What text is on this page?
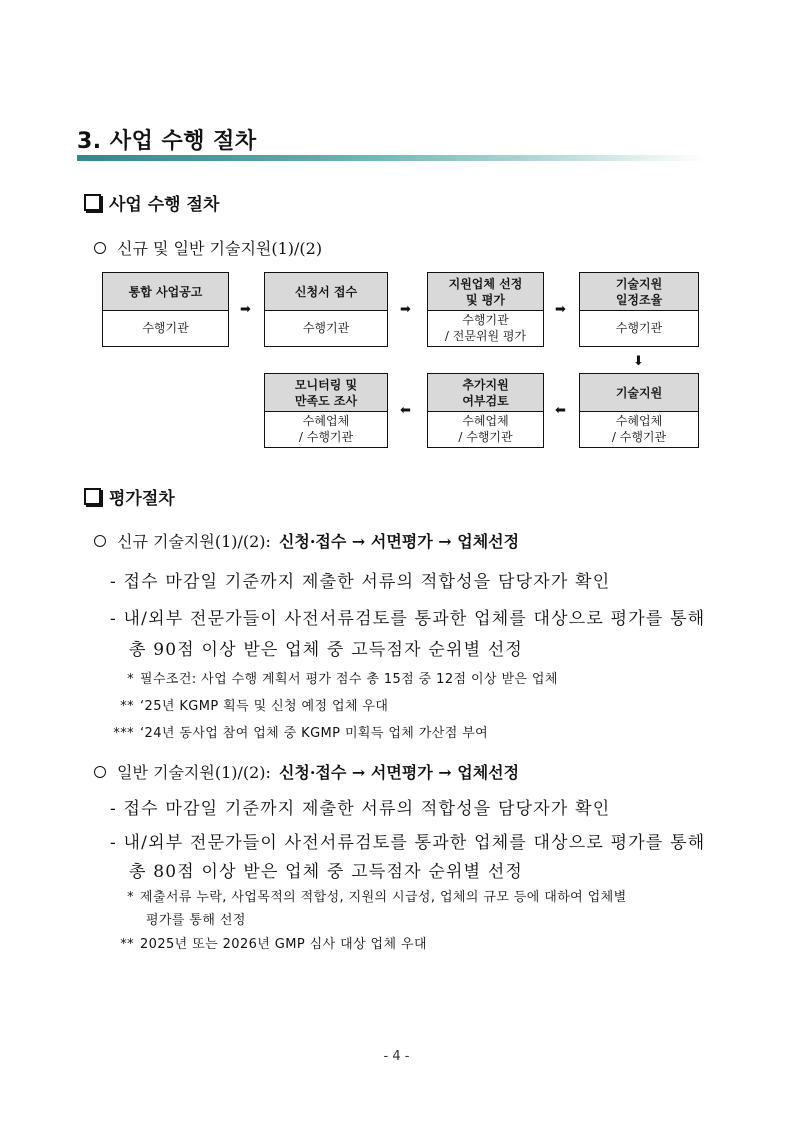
3. 사업 수행 절차
사업 수행 절차
신규 및 일반 기술지원(1)/(2)
통합 사업공고
수행기관
➡
신청서 접수
수행기관
➡
지원업체 선정
및 평가
수행기관
/ 전문위원 평가
➡
기술지원
일정조율
수행기관
⬇
모니터링 및
만족도 조사
수혜업체
/ 수행기관
⬅
추가지원
여부검토
수혜업체
/ 수행기관
⬅
기술지원
수혜업체
/ 수행기관
평가절차
신규 기술지원(1)/(2): 신청·접수 → 서면평가 → 업체선정
- 접수 마감일 기준까지 제출한 서류의 적합성을 담당자가 확인
- 내/외부 전문가들이 사전서류검토를 통과한 업체를 대상으로 평가를 통해
총 90점 이상 받은 업체 중 고득점자 순위별 선정
* 필수조건: 사업 수행 계획서 평가 점수 총 15점 중 12점 이상 받은 업체
** ‘25년 KGMP 획득 및 신청 예정 업체 우대
*** ‘24년 동사업 참여 업체 중 KGMP 미획득 업체 가산점 부여
일반 기술지원(1)/(2): 신청·접수 → 서면평가 → 업체선정
- 접수 마감일 기준까지 제출한 서류의 적합성을 담당자가 확인
- 내/외부 전문가들이 사전서류검토를 통과한 업체를 대상으로 평가를 통해
총 80점 이상 받은 업체 중 고득점자 순위별 선정
* 제출서류 누락, 사업목적의 적합성, 지원의 시급성, 업체의 규모 등에 대하여 업체별
평가를 통해 선정
** 2025년 또는 2026년 GMP 심사 대상 업체 우대
- 4 -
